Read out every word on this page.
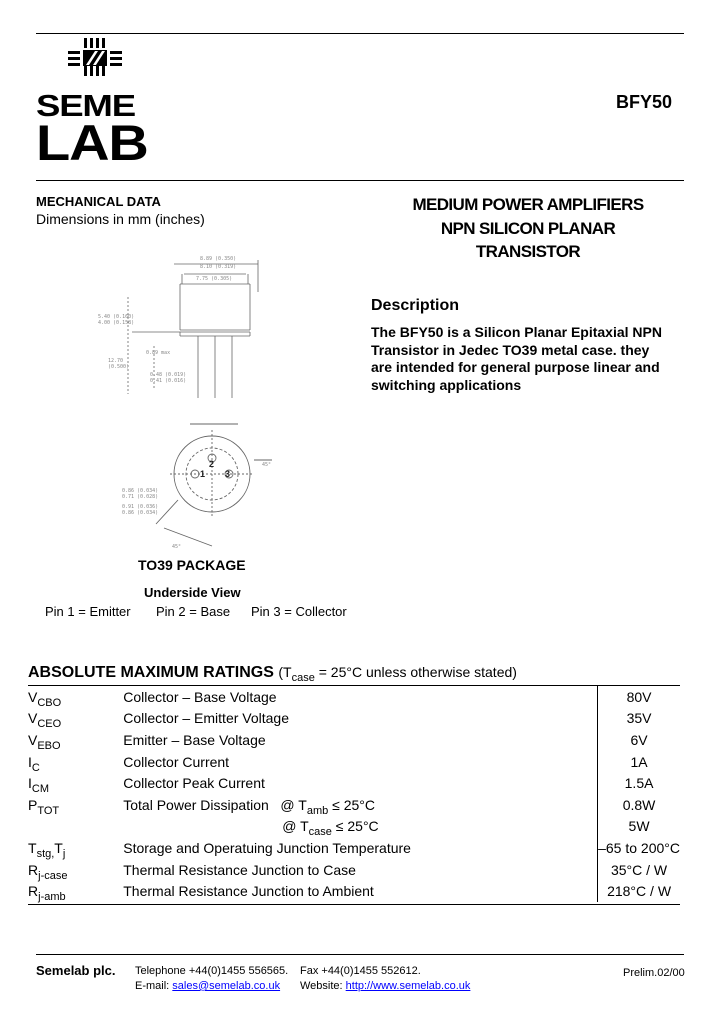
SEME
LAB
BFY50
MECHANICAL DATA
Dimensions in mm (inches)
MEDIUM POWER AMPLIFIERS
NPN SILICON PLANAR
TRANSISTOR
8.89 (0.350)
8.10 (0.319)
7.75 (0.305)
5.40 (0.160)
4.00 (0.158)
12.70
(0.500)
0.89 max
0.48 (0.019)
0.41 (0.016)
0.86 (0.034)
0.71 (0.028)
0.91 (0.036)
0.86 (0.034)
45°
45°
1
2
3
Description
The BFY50 is a Silicon Planar Epitaxial NPN
Transistor in Jedec TO39 metal case. they
are intended for general purpose linear and
switching applications
TO39 PACKAGE
Underside View
Pin 1 = Emitter Pin 2 = Base Pin 3 = Collector
ABSOLUTE MAXIMUM RATINGS ($T_{case} = 25^\circ C$ unless otherwise stated)
$V_{CBO}$	Collector – Base Voltage	80V
$V_{CEO}$	Collector – Emitter Voltage	35V
$V_{EBO}$	Emitter – Base Voltage	6V
$I_C$	Collector Current	1A
$I_{CM}$	Collector Peak Current	1.5A
$P_{TOT}$	Total Power Dissipation   @ $T_{amb} \le 25^\circ C$	0.8W
	@ $T_{case} \le 25^\circ C$	5W
$T_{stg,}T_j$	Storage and Operatuing Junction Temperature	–65 to 200°C
$R_{j-case}$	Thermal Resistance Junction to Case	35°C / W
$R_{j-amb}$	Thermal Resistance Junction to Ambient	218°C / W
Semelab plc. Telephone +44(0)1455 556565. Fax +44(0)1455 552612.	Prelim.02/00
E-mail: sales@semelab.co.uk Website: http://www.semelab.co.uk
